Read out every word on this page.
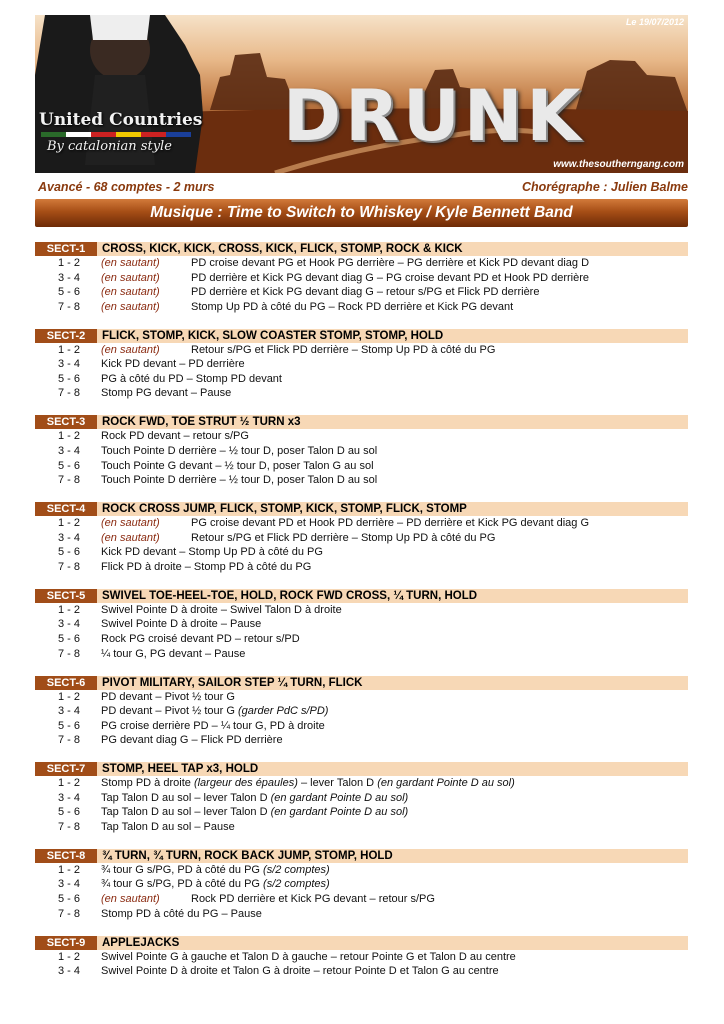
Le 19/07/2012
DRUNK
United Countries
By catalonian style
www.thesoutherngang.com
Avancé - 68 comptes - 2 murs	Chorégraphe : Julien Balme
Musique : Time to Switch to Whiskey / Kyle Bennett Band
SECT-1	CROSS, KICK, KICK, CROSS, KICK, FLICK, STOMP, ROCK & KICK
1 - 2 (en sautant)	PD croise devant PG et Hook PG derrière – PG derrière et Kick PD devant diag D
3 - 4 (en sautant)	PD derrière et Kick PG devant diag G – PG croise devant PD et Hook PD derrière
5 - 6 (en sautant)	PD derrière et Kick PG devant diag G – retour s/PG et Flick PD derrière
7 - 8 (en sautant)	Stomp Up PD à côté du PG – Rock PD derrière et Kick PG devant
SECT-2	FLICK, STOMP, KICK, SLOW COASTER STOMP, STOMP, HOLD
1 - 2 (en sautant)	Retour s/PG et Flick PD derrière – Stomp Up PD à côté du PG
3 - 4 Kick PD devant – PD derrière
5 - 6 PG à côté du PD – Stomp PD devant
7 - 8 Stomp PG devant – Pause
SECT-3	ROCK FWD, TOE STRUT ½ TURN x3
1 - 2 Rock PD devant – retour s/PG
3 - 4 Touch Pointe D derrière – ½ tour D, poser Talon D au sol
5 - 6 Touch Pointe G devant – ½ tour D, poser Talon G au sol
7 - 8 Touch Pointe D derrière – ½ tour D, poser Talon D au sol
SECT-4	ROCK CROSS JUMP, FLICK, STOMP, KICK, STOMP, FLICK, STOMP
1 - 2 (en sautant)	PG croise devant PD et Hook PD derrière – PD derrière et Kick PG devant diag G
3 - 4 (en sautant)	Retour s/PG et Flick PD derrière – Stomp Up PD à côté du PG
5 - 6 Kick PD devant – Stomp Up PD à côté du PG
7 - 8 Flick PD à droite – Stomp PD à côté du PG
SECT-5	SWIVEL TOE-HEEL-TOE, HOLD, ROCK FWD CROSS, ¼ TURN, HOLD
1 - 2 Swivel Pointe D à droite – Swivel Talon D à droite
3 - 4 Swivel Pointe D à droite – Pause
5 - 6 Rock PG croisé devant PD – retour s/PD
7 - 8 ¼ tour G, PG devant – Pause
SECT-6	PIVOT MILITARY, SAILOR STEP ¼ TURN, FLICK
1 - 2 PD devant – Pivot ½ tour G
3 - 4 PD devant – Pivot ½ tour G (garder PdC s/PD)
5 - 6 PG croise derrière PD – ¼ tour G, PD à droite
7 - 8 PG devant diag G – Flick PD derrière
SECT-7	STOMP, HEEL TAP x3, HOLD
1 - 2 Stomp PD à droite (largeur des épaules) – lever Talon D (en gardant Pointe D au sol)
3 - 4 Tap Talon D au sol – lever Talon D (en gardant Pointe D au sol)
5 - 6 Tap Talon D au sol – lever Talon D (en gardant Pointe D au sol)
7 - 8 Tap Talon D au sol – Pause
SECT-8	¾ TURN, ¾ TURN, ROCK BACK JUMP, STOMP, HOLD
1 - 2 ¾ tour G s/PG, PD à côté du PG (s/2 comptes)
3 - 4 ¾ tour G s/PG, PD à côté du PG (s/2 comptes)
5 - 6 (en sautant)	Rock PD derrière et Kick PG devant – retour s/PG
7 - 8 Stomp PD à côté du PG – Pause
SECT-9	APPLEJACKS
1 - 2 Swivel Pointe G à gauche et Talon D à gauche – retour Pointe G et Talon D au centre
3 - 4 Swivel Pointe D à droite et Talon G à droite – retour Pointe D et Talon G au centre
